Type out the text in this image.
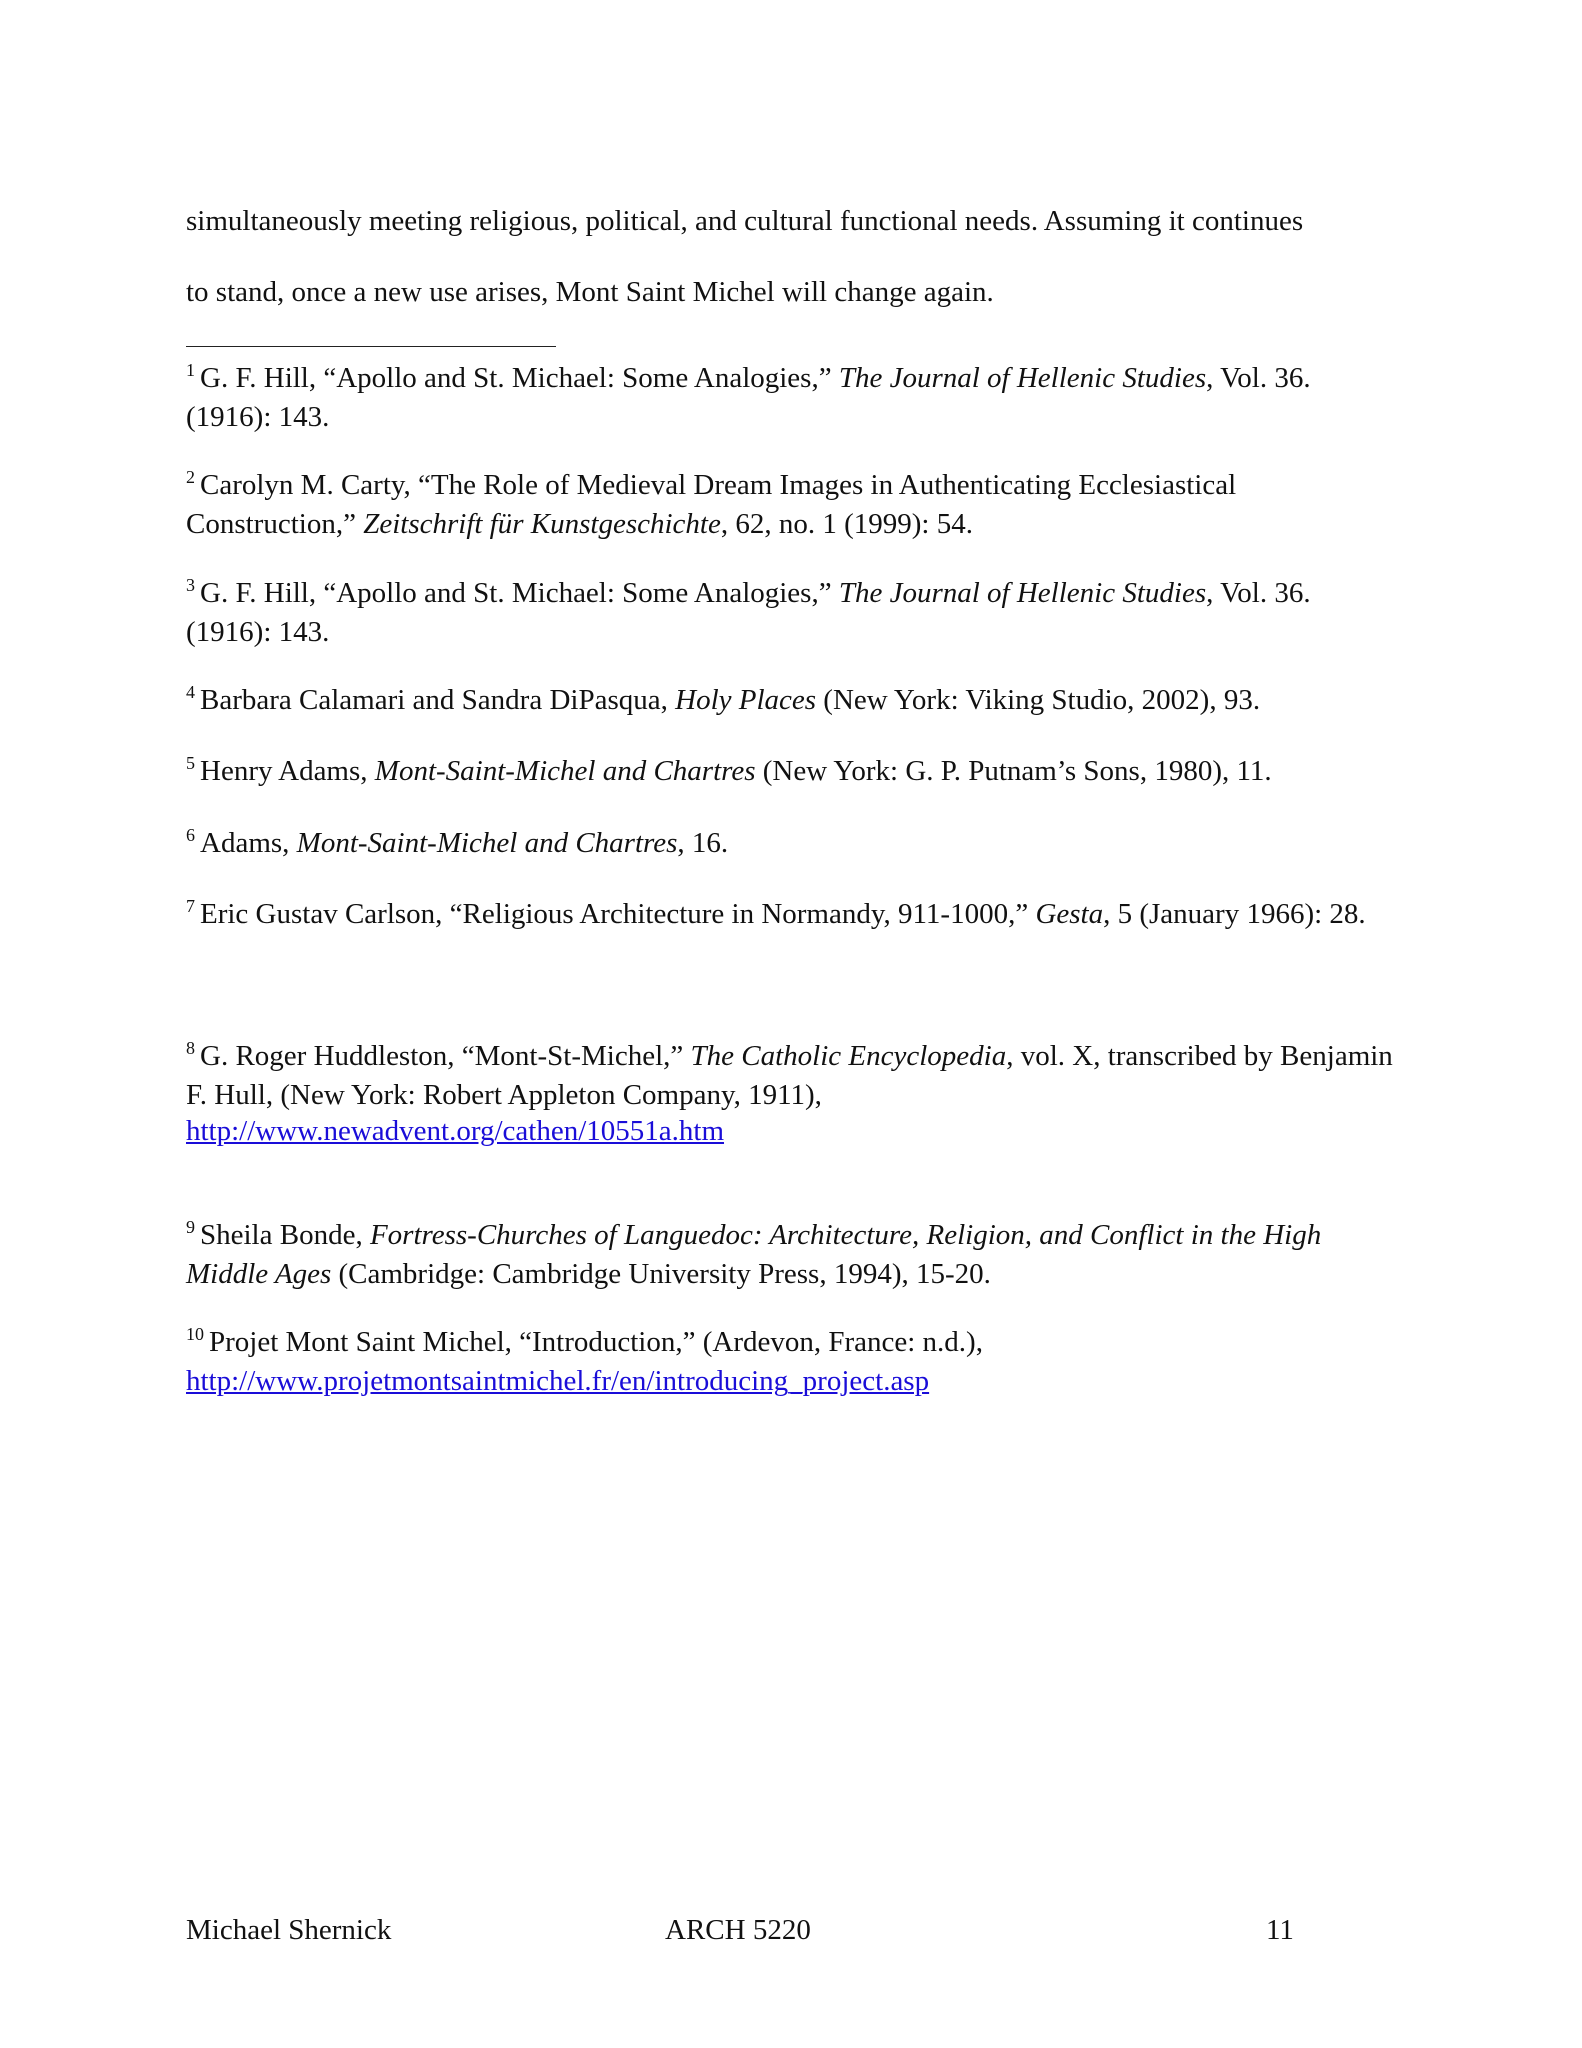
simultaneously meeting religious, political, and cultural functional needs. Assuming it continues

to stand, once a new use arises, Mont Saint Michel will change again.

$^1$ G. F. Hill, “Apollo and St. Michael: Some Analogies,” The Journal of Hellenic Studies, Vol. 36. (1916): 143.
$^2$ Carolyn M. Carty, “The Role of Medieval Dream Images in Authenticating Ecclesiastical Construction,” Zeitschrift für Kunstgeschichte, 62, no. 1 (1999): 54.
$^3$ G. F. Hill, “Apollo and St. Michael: Some Analogies,” The Journal of Hellenic Studies, Vol. 36. (1916): 143.
$^4$ Barbara Calamari and Sandra DiPasqua, Holy Places (New York: Viking Studio, 2002), 93.
$^5$ Henry Adams, Mont-Saint-Michel and Chartres (New York: G. P. Putnam’s Sons, 1980), 11.
$^6$ Adams, Mont-Saint-Michel and Chartres, 16.
$^7$ Eric Gustav Carlson, “Religious Architecture in Normandy, 911-1000,” Gesta, 5 (January 1966): 28.
$^8$ G. Roger Huddleston, “Mont-St-Michel,” The Catholic Encyclopedia, vol. X, transcribed by Benjamin F. Hull, (New York: Robert Appleton Company, 1911),
http://www.newadvent.org/cathen/10551a.htm
$^9$ Sheila Bonde, Fortress-Churches of Languedoc: Architecture, Religion, and Conflict in the High Middle Ages (Cambridge: Cambridge University Press, 1994), 15-20.
$^{10}$ Projet Mont Saint Michel, “Introduction,” (Ardevon, France: n.d.),
http://www.projetmontsaintmichel.fr/en/introducing_project.asp
Michael Shernick	ARCH 5220	11
